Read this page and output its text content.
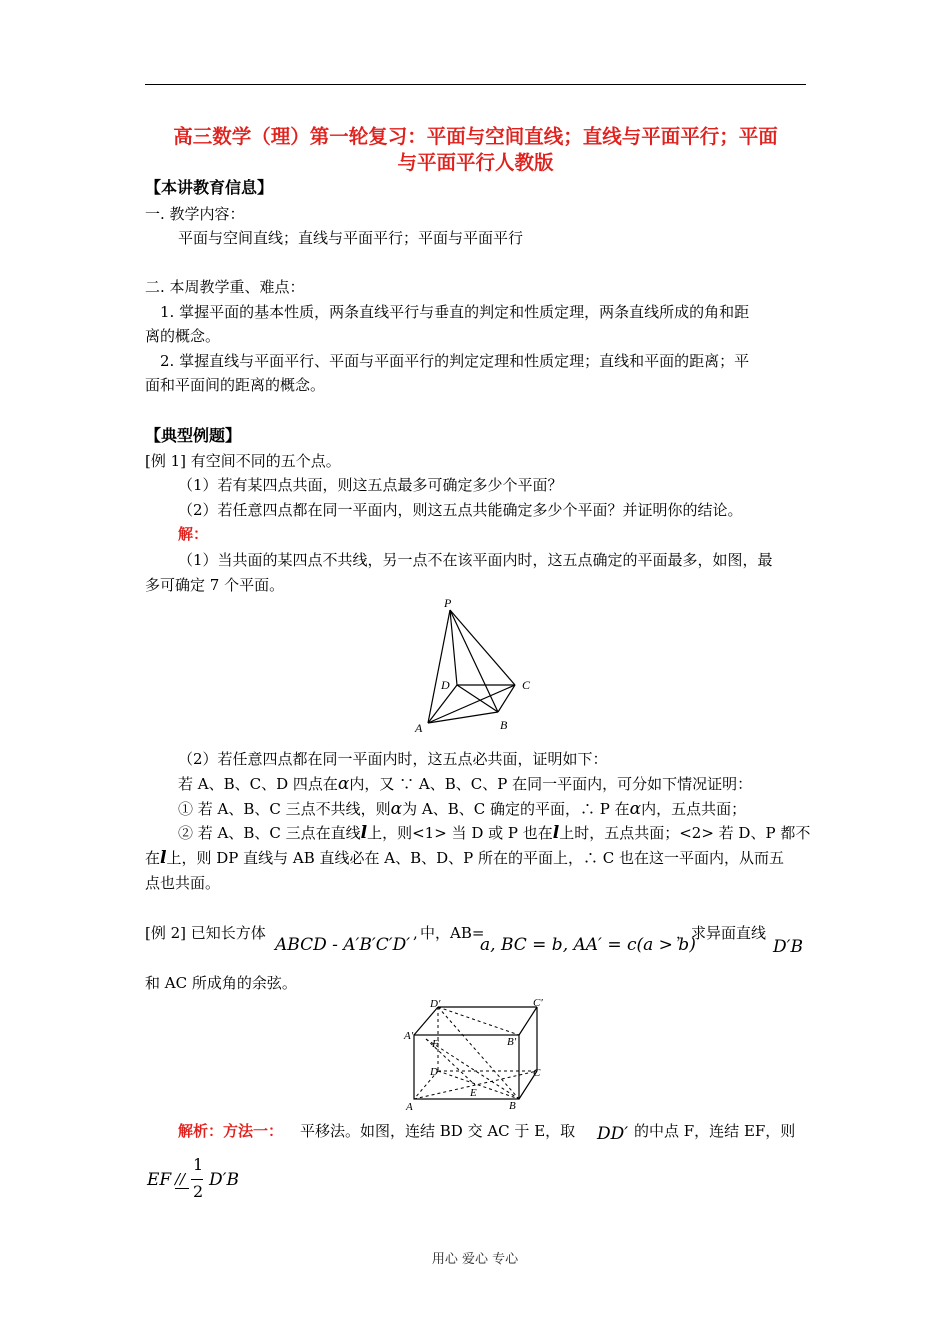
高三数学（理）第一轮复习：平面与空间直线；直线与平面平行；平面
与平面平行人教版
【本讲教育信息】
一. 教学内容：
平面与空间直线；直线与平面平行；平面与平面平行
二. 本周教学重、难点：
1. 掌握平面的基本性质，两条直线平行与垂直的判定和性质定理，两条直线所成的角和距
离的概念。
2. 掌握直线与平面平行、平面与平面平行的判定定理和性质定理；直线和平面的距离；平
面和平面间的距离的概念。
【典型例题】
[例 1] 有空间不同的五个点。
（1）若有某四点共面，则这五点最多可确定多少个平面？
（2）若任意四点都在同一平面内，则这五点共能确定多少个平面？并证明你的结论。
解：
（1）当共面的某四点不共线，另一点不在该平面内时，这五点确定的平面最多，如图，最
多可确定 7 个平面。
P
D	C
A	B
（2）若任意四点都在同一平面内时，这五点必共面，证明如下：
若 A、B、C、D 四点在α内，又 ∵ A、B、C、P 在同一平面内，可分如下情况证明：
① 若 A、B、C 三点不共线，则α为 A、B、C 确定的平面，∴ P 在α内，五点共面；
② 若 A、B、C 三点在直线l上，则<1> 当 D 或 P 也在l上时，五点共面；<2> 若 D、P 都不
在l上，则 DP 直线与 AB 直线必在 A、B、D、P 所在的平面上，∴ C 也在这一平面内，从而五
点也共面。
[例 2] 已知长方体
ABCD - A′B′C′D′
, 中，AB=
a, BC = b, AA′ = c(a > b)
，求异面直线
D′B
和 AC 所成角的余弦。
D′	C′
A′	B′
F
D	C
E
A	B
解析：方法一： 平移法。如图，连结 BD 交 AC 于 E，取 DD′ 的中点 F，连结 EF，则
EF //
1
2
D′B
用心 爱心 专心
